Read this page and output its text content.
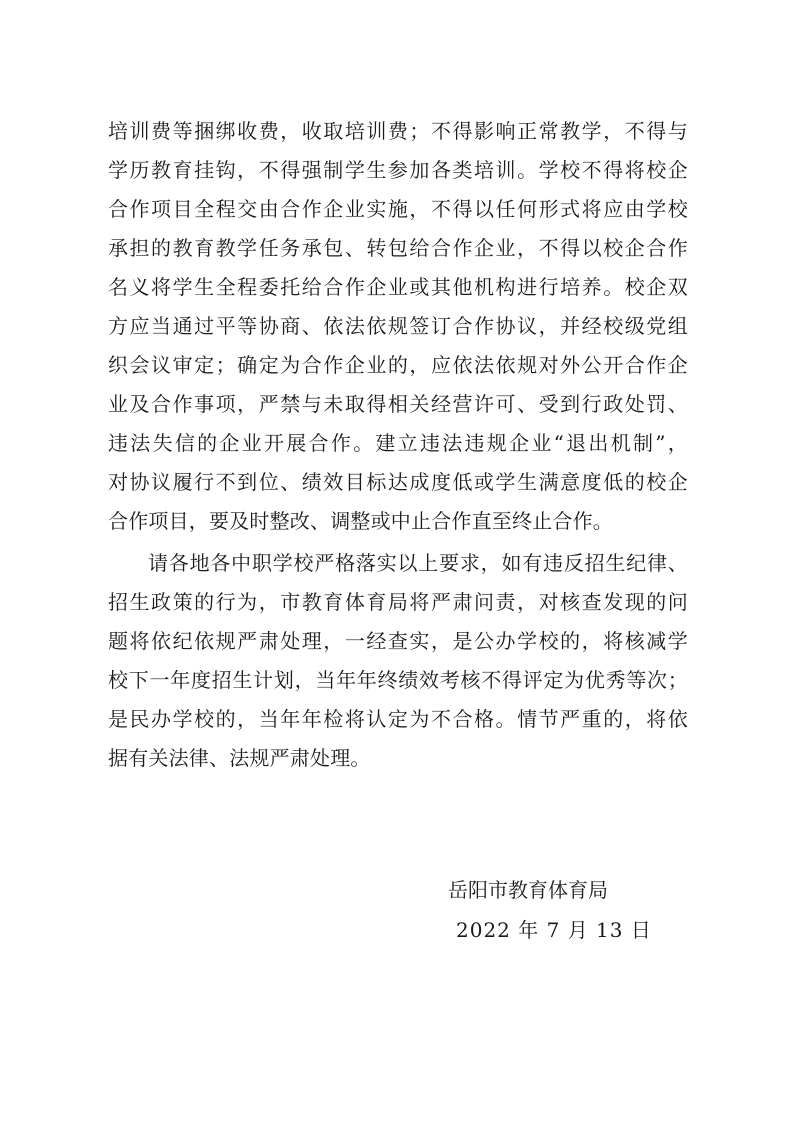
培训费等捆绑收费，收取培训费；不得影响正常教学，不得与
学历教育挂钩，不得强制学生参加各类培训。学校不得将校企
合作项目全程交由合作企业实施，不得以任何形式将应由学校
承担的教育教学任务承包、转包给合作企业，不得以校企合作
名义将学生全程委托给合作企业或其他机构进行培养。校企双
方应当通过平等协商、依法依规签订合作协议，并经校级党组
织会议审定；确定为合作企业的，应依法依规对外公开合作企
业及合作事项，严禁与未取得相关经营许可、受到行政处罚、
违法失信的企业开展合作。建立违法违规企业“退出机制”，
对协议履行不到位、绩效目标达成度低或学生满意度低的校企
合作项目，要及时整改、调整或中止合作直至终止合作。
请各地各中职学校严格落实以上要求，如有违反招生纪律、
招生政策的行为，市教育体育局将严肃问责，对核查发现的问
题将依纪依规严肃处理，一经查实，是公办学校的，将核减学
校下一年度招生计划，当年年终绩效考核不得评定为优秀等次；
是民办学校的，当年年检将认定为不合格。情节严重的，将依
据有关法律、法规严肃处理。
岳阳市教育体育局
2022 年 7 月 13 日
